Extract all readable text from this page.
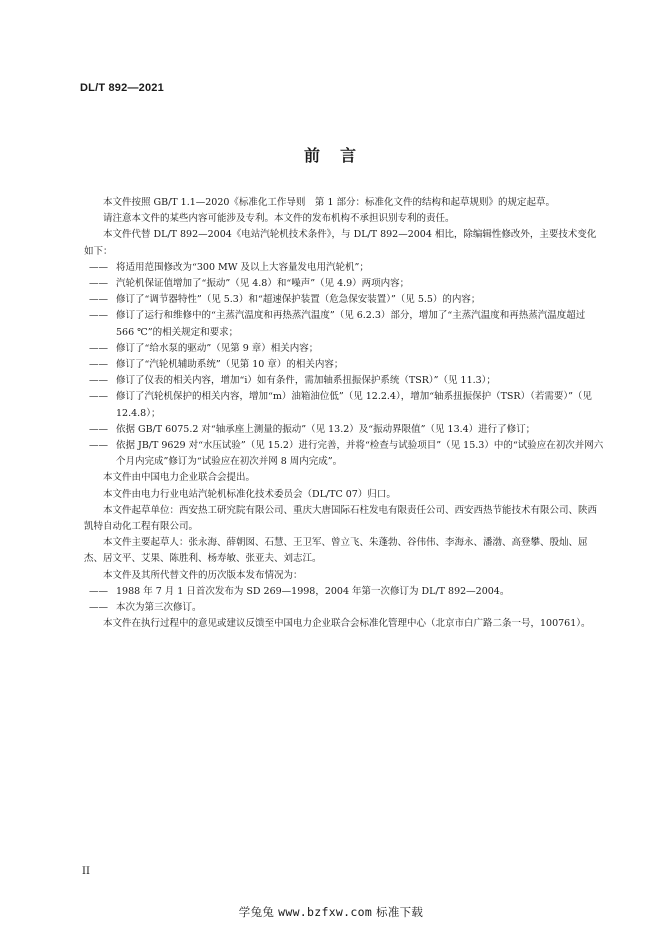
DL/T 892—2021
前　言

本文件按照 GB/T 1.1—2020《标准化工作导则　第 1 部分：标准化文件的结构和起草规则》的规定起草。

请注意本文件的某些内容可能涉及专利。本文件的发布机构不承担识别专利的责任。

本文件代替 DL/T 892—2004《电站汽轮机技术条件》，与 DL/T 892—2004 相比，除编辑性修改外，主要技术变化如下：

—— 将适用范围修改为“300 MW 及以上大容量发电用汽轮机”；

—— 汽轮机保证值增加了“振动”（见 4.8）和“噪声”（见 4.9）两项内容；

—— 修订了“调节器特性”（见 5.3）和“超速保护装置（危急保安装置）”（见 5.5）的内容；

—— 修订了运行和维修中的“主蒸汽温度和再热蒸汽温度”（见 6.2.3）部分，增加了“主蒸汽温度和再热蒸汽温度超过 566 ℃”的相关规定和要求；

—— 修订了“给水泵的驱动”（见第 9 章）相关内容；

—— 修订了“汽轮机辅助系统”（见第 10 章）的相关内容；

—— 修订了仪表的相关内容，增加“i）如有条件，需加轴系扭振保护系统（TSR）”（见 11.3）；

—— 修订了汽轮机保护的相关内容，增加“m）油箱油位低”（见 12.2.4），增加“轴系扭振保护（TSR）（若需要）”（见 12.4.8）；

—— 依据 GB/T 6075.2 对“轴承座上测量的振动”（见 13.2）及“振动界限值”（见 13.4）进行了修订；

—— 依据 JB/T 9629 对“水压试验”（见 15.2）进行完善，并将“检查与试验项目”（见 15.3）中的“试验应在初次并网六个月内完成”修订为“试验应在初次并网 8 周内完成”。

本文件由中国电力企业联合会提出。

本文件由电力行业电站汽轮机标准化技术委员会（DL/TC 07）归口。

本文件起草单位：西安热工研究院有限公司、重庆大唐国际石柱发电有限责任公司、西安西热节能技术有限公司、陕西凯特自动化工程有限公司。

本文件主要起草人：张永海、薛朝囡、石慧、王卫军、曾立飞、朱蓬勃、谷伟伟、李海永、潘渤、高登攀、殷灿、屈杰、居文平、艾果、陈胜利、杨寿敏、张亚夫、刘志江。

本文件及其所代替文件的历次版本发布情况为：

—— 1988 年 7 月 1 日首次发布为 SD 269—1998，2004 年第一次修订为 DL/T 892—2004。

—— 本次为第三次修订。

本文件在执行过程中的意见或建议反馈至中国电力企业联合会标准化管理中心（北京市白广路二条一号，100761）。

II
学兔兔 www.bzfxw.com 标准下载
